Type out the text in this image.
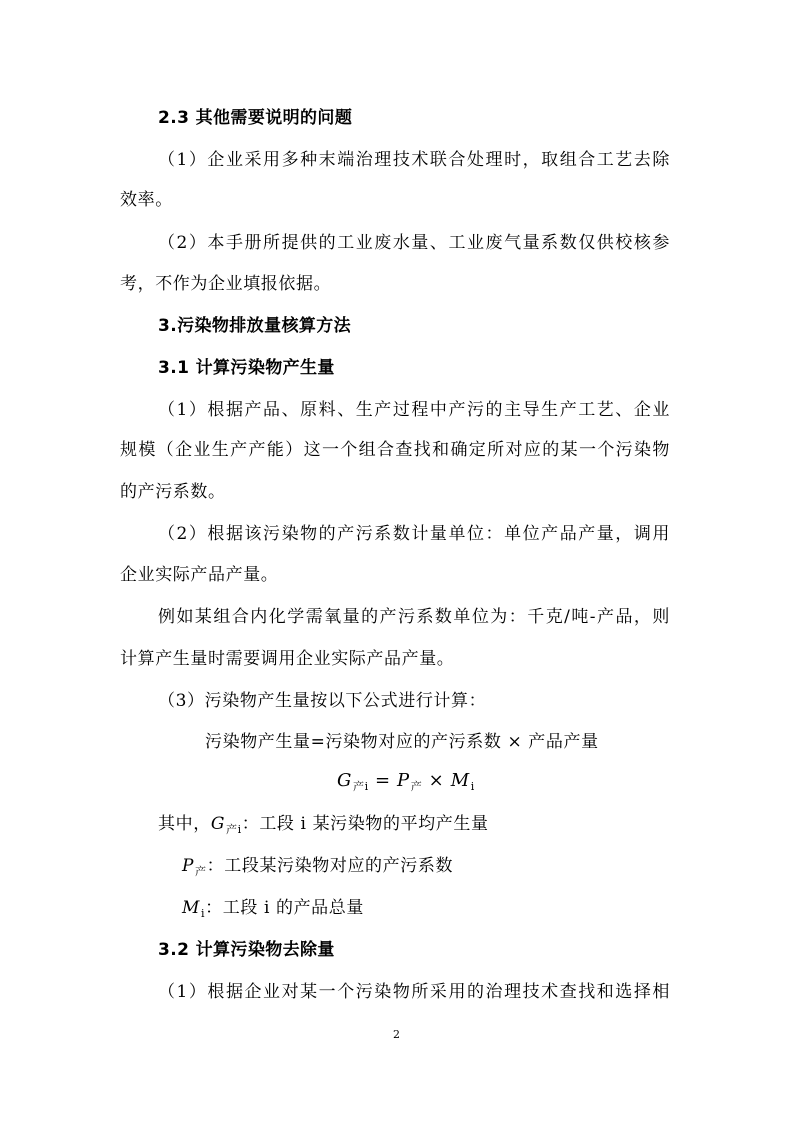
2.3 其他需要说明的问题
（1）企业采用多种末端治理技术联合处理时，取组合工艺去除
效率。
（2）本手册所提供的工业废水量、工业废气量系数仅供校核参
考，不作为企业填报依据。
3.污染物排放量核算方法
3.1 计算污染物产生量
（1）根据产品、原料、生产过程中产污的主导生产工艺、企业
规模（企业生产产能）这一个组合查找和确定所对应的某一个污染物
的产污系数。
（2）根据该污染物的产污系数计量单位：单位产品产量，调用
企业实际产品产量。
例如某组合内化学需氧量的产污系数单位为：千克/吨-产品，则
计算产生量时需要调用企业实际产品产量。
（3）污染物产生量按以下公式进行计算：
污染物产生量=污染物对应的产污系数 × 产品产量
$G_{产i} = P_产 \times M_i$
其中，$G_{产i}$：工段 i 某污染物的平均产生量
$P_产$：工段某污染物对应的产污系数
$M_i$：工段 i 的产品总量
3.2 计算污染物去除量
（1）根据企业对某一个污染物所采用的治理技术查找和选择相
2
